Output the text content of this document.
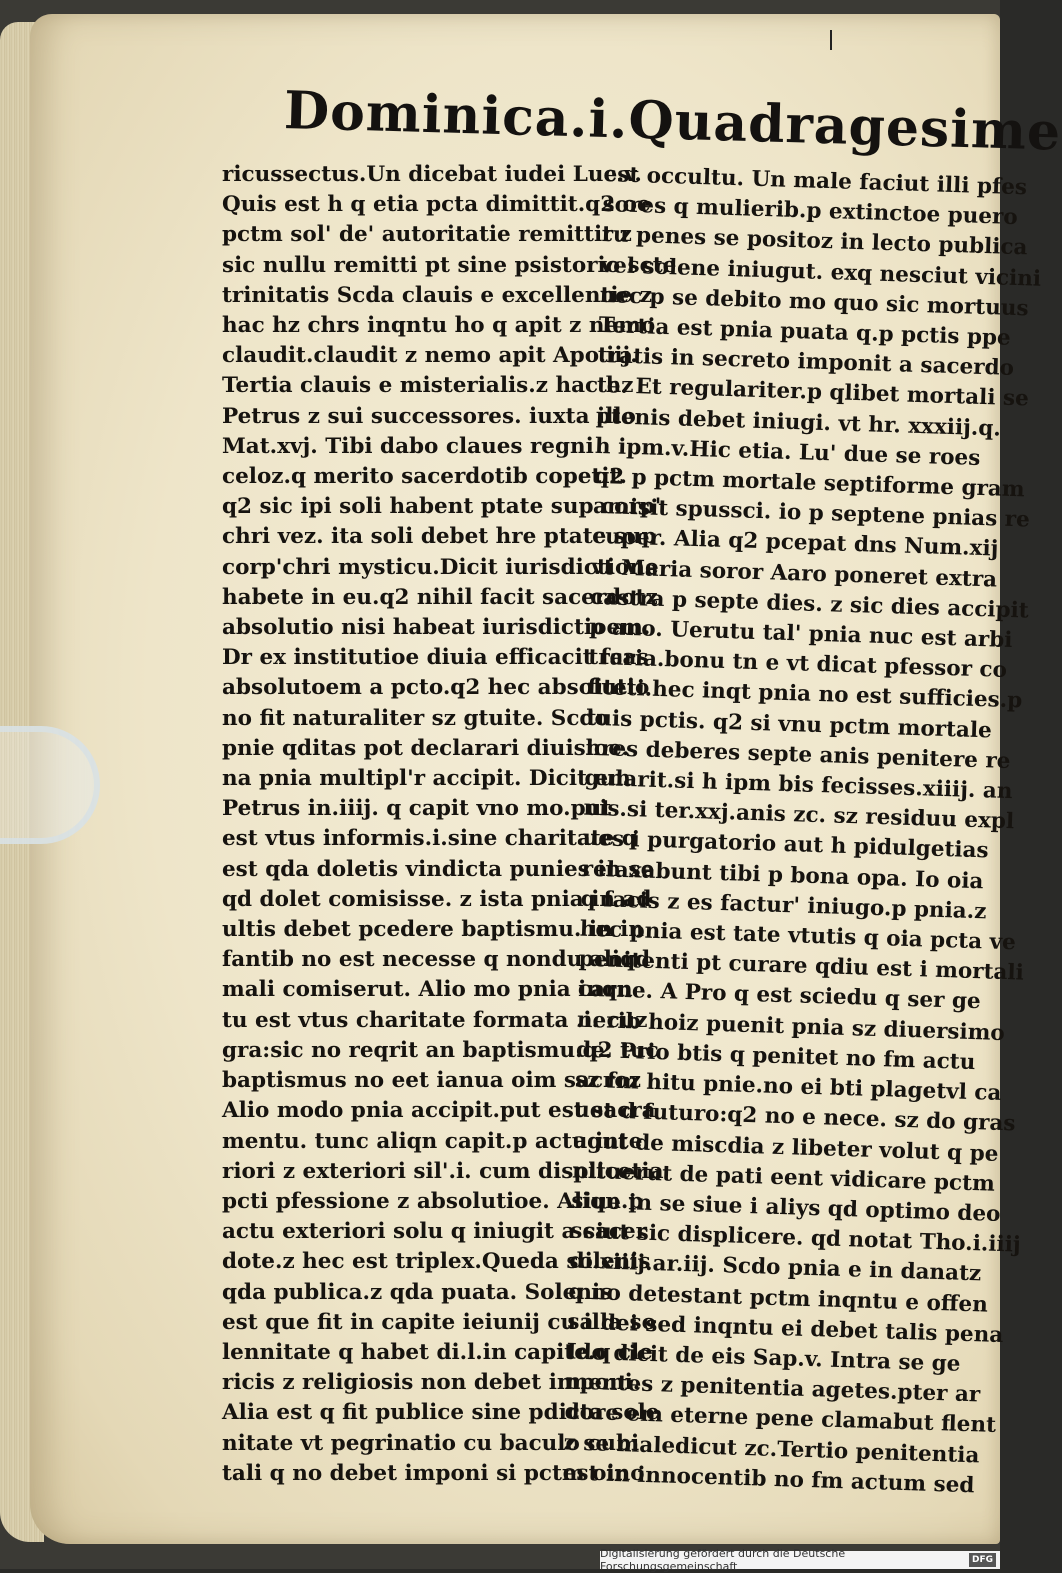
Dominica.i.Quadragesime
ricussectus.Un dicebat iudei Luc.v.
Quis est h q etia pcta dimittit.q2 oe
pctm sol' de' autoritatie remittit z
sic nullu remitti pt sine psistorio scte
trinitatis Scda clauis e excellentie z
hac hz chrs inqntu ho q apit z nemo
claudit.claudit z nemo apit Apo.iij.
Tertia clauis e misterialis.z hac hz
Petrus z sui successores. iuxta illo
Mat.xvj. Tibi dabo claues regni
celoz.q merito sacerdotib copetit.
q2 sic ipi soli habent ptate sup corp'
chri vez. ita soli debet hre ptate sup
corp'chri mysticu.Dicit iurisdictione
habete in eu.q2 nihil facit sacerdotz
absolutio nisi habeat iurisdictioem.
Dr ex institutioe diuia efficacit fcas
absolutoem a pcto.q2 hec absolutio
no fit naturaliter sz gtuite. Scdo
pnie qditas pot declarari diuisioe.
na pnia multipl'r accipit. Dicit em
Petrus in.iiij. q capit vno mo.put
est vtus informis.i.sine charitate q
est qda doletis vindicta punies in se
qd dolet comisisse. z ista pnia in ad
ultis debet pcedere baptismu. in in
fantib no est necesse q nondu aliqd
mali comiserut. Alio mo pnia inqn
tu est vtus charitate formata .i. cuz
gra:sic no reqrit an baptismu.q2 tuc
baptismus no eet ianua oim sacroz
Alio modo pnia accipit.put est sacra
mentu. tunc aliqn capit.p actu inte
riori z exteriori sil'.i. cum displicetia
pcti pfessione z absolutioe. Aliqn.p
actu exteriori solu q iniugit a sacer
dote.z hec est triplex.Queda solenis
qda publica.z qda puata. Solenis
est que fit in capite ieiunij cu illa so
lennitate q habet di.l.in capite.q cle
ricis z religiosis non debet imponi.
Alia est q fit publice sine pdicta sole
nitate vt pegrinatio cu baculo cubi
tali q no debet imponi si pctm oino
est occultu. Un male faciut illi pfes
sores q mulierib.p extinctoe puero
ru penes se positoz in lecto publica
vel solene iniugut. exq nesciut vicini
nec p se debito mo quo sic mortuus
Tertia est pnia puata q.p pctis ppe
tratis in secreto imponit a sacerdo
te. Et regulariter.p qlibet mortali se
ptenis debet iniugi. vt hr. xxxiij.q.
h ipm.v.Hic etia. Lu' due se roes
q2 p pctm mortale septiforme gram
amisit spussci. io p septene pnias re
cuper. Alia q2 pcepat dns Num.xij
vt Maria soror Aaro poneret extra
castra p septe dies. z sic dies accipit
p ano. Uerutu tal' pnia nuc est arbi
traria.bonu tn e vt dicat pfessor co
fiteti.hec inqt pnia no est sufficies.p
tuis pctis. q2 si vnu pctm mortale
hres deberes septe anis penitere re
gularit.si h ipm bis fecisses.xiiij. an
nis.si ter.xxj.anis zc. sz residuu expl
ues i purgatorio aut h pidulgetias
relaxabunt tibi p bona opa. Io oia
q facis z es factur' iniugo.p pnia.z
hec pnia est tate vtutis q oia pcta ve
penitenti pt curare qdiu est i mortali
carne. A Pro q est sciedu q ser ge
nerib hoiz puenit pnia sz diuersimo
de. Prio btis q penitet no fm actu
sz fm hitu pnie.no ei bti plagetvl ca
uet d futuro:q2 no e nece. sz do gras
agut de miscdia z libeter volut q pe
nituerut de pati eent vidicare pctm
siue in se siue i aliys qd optimo deo
sciut sic displicere. qd notat Tho.i.iiij
di.xiiij.ar.iij. Scdo pnia e in danatz
q no detestant pctm inqntu e offen
sa dei sed inqntu ei debet talis pena
Ido dicit de eis Sap.v. Intra se ge
mentes z penitentia agetes.pter ar
dore em eterne pene clamabut flent
z se maledicut zc.Tertio penitentia
est in innocentib no fm actum sed
Digitalisierung gefördert durch die Deutsche Forschungsgemeinschaft	DFG
